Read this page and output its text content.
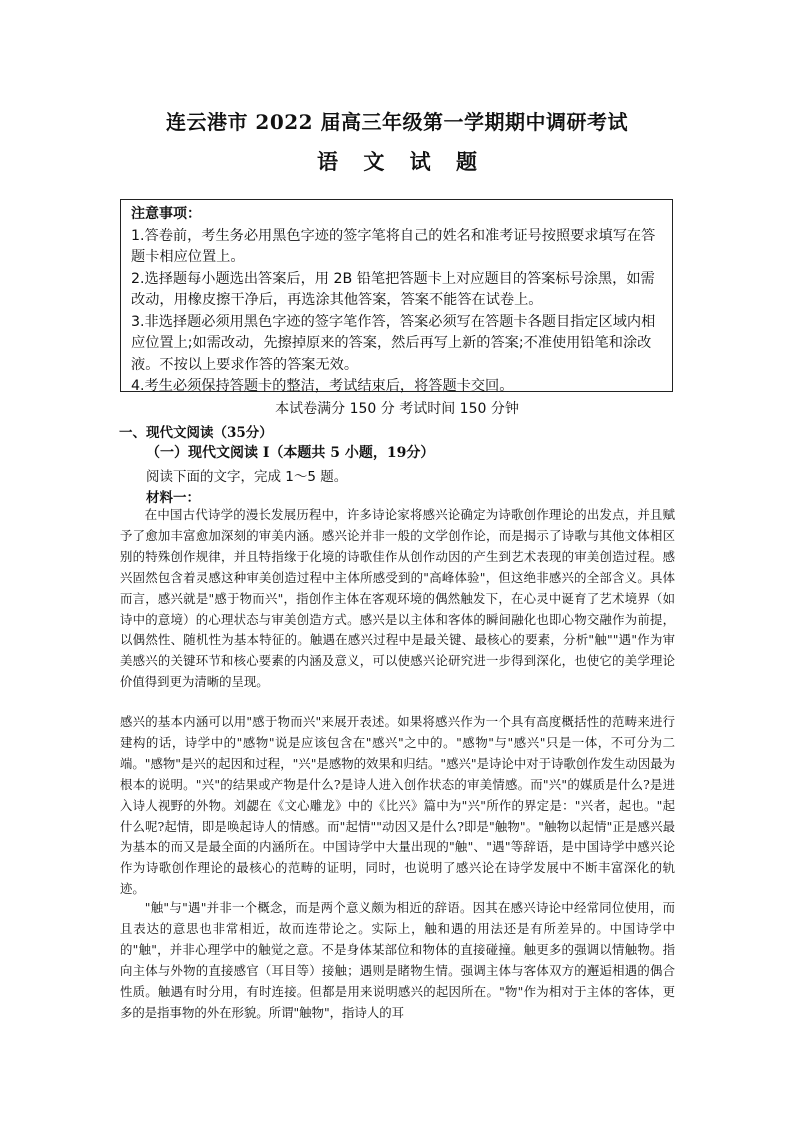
连云港市 2022 届高三年级第一学期期中调研考试
语 文 试 题
注意事项：

1.答卷前，考生务必用黑色字迹的签字笔将自己的姓名和准考证号按照要求填写在答题卡相应位置上。

2.选择题每小题选出答案后，用 2B 铅笔把答题卡上对应题目的答案标号涂黑，如需改动，用橡皮擦干净后，再选涂其他答案，答案不能答在试卷上。

3.非选择题必须用黑色字迹的签字笔作答，答案必须写在答题卡各题目指定区域内相应位置上;如需改动，先擦掉原来的答案，然后再写上新的答案;不准使用铅笔和涂改液。不按以上要求作答的答案无效。

4.考生必须保持答题卡的整洁，考试结束后，将答题卡交回。

本试卷满分 150 分 考试时间 150 分钟
一、现代文阅读（35分）
（一）现代文阅读 I（本题共 5 小题，19分）
阅读下面的文字，完成 1～5 题。
材料一：

在中国古代诗学的漫长发展历程中，许多诗论家将感兴论确定为诗歌创作理论的出发点，并且赋予了愈加丰富愈加深刻的审美内涵。感兴论并非一般的文学创作论，而是揭示了诗歌与其他文体相区别的特殊创作规律，并且特指缘于化境的诗歌佳作从创作动因的产生到艺术表现的审美创造过程。感兴固然包含着灵感这种审美创造过程中主体所感受到的"高峰体验"，但这绝非感兴的全部含义。具体而言，感兴就是"感于物而兴"，指创作主体在客观环境的偶然触发下，在心灵中诞育了艺术境界（如诗中的意境）的心理状态与审美创造方式。感兴是以主体和客体的瞬间融化也即心物交融作为前提，以偶然性、随机性为基本特征的。触遇在感兴过程中是最关键、最核心的要素，分析"触""遇"作为审美感兴的关键环节和核心要素的内涵及意义，可以使感兴论研究进一步得到深化，也使它的美学理论价值得到更为清晰的呈现。

感兴的基本内涵可以用"感于物而兴"来展开表述。如果将感兴作为一个具有高度概括性的范畴来进行建构的话，诗学中的"感物"说是应该包含在"感兴"之中的。"感物"与"感兴"只是一体，不可分为二端。"感物"是兴的起因和过程，"兴"是感物的效果和归结。"感兴"是诗论中对于诗歌创作发生动因最为根本的说明。"兴"的结果或产物是什么?是诗人进入创作状态的审美情感。而"兴"的媒质是什么?是进入诗人视野的外物。刘勰在《文心雕龙》中的《比兴》篇中为"兴"所作的界定是："兴者，起也。"起什么呢?起情，即是唤起诗人的情感。而"起情""动因又是什么?即是"触物"。"触物以起情"正是感兴最为基本的而又是最全面的内涵所在。中国诗学中大量出现的"触"、"遇"等辞语，是中国诗学中感兴论作为诗歌创作理论的最核心的范畴的证明，同时，也说明了感兴论在诗学发展中不断丰富深化的轨迹。

"触"与"遇"并非一个概念，而是两个意义颇为相近的辞语。因其在感兴诗论中经常同位使用，而且表达的意思也非常相近，故而连带论之。实际上，触和遇的用法还是有所差异的。中国诗学中的"触"，并非心理学中的触觉之意。不是身体某部位和物体的直接碰撞。触更多的强调以情触物。指向主体与外物的直接感官（耳目等）接触；遇则是睹物生情。强调主体与客体双方的邂逅相遇的偶合性质。触遇有时分用，有时连接。但都是用来说明感兴的起因所在。"物"作为相对于主体的客体，更多的是指事物的外在形貌。所谓"触物"，指诗人的耳
